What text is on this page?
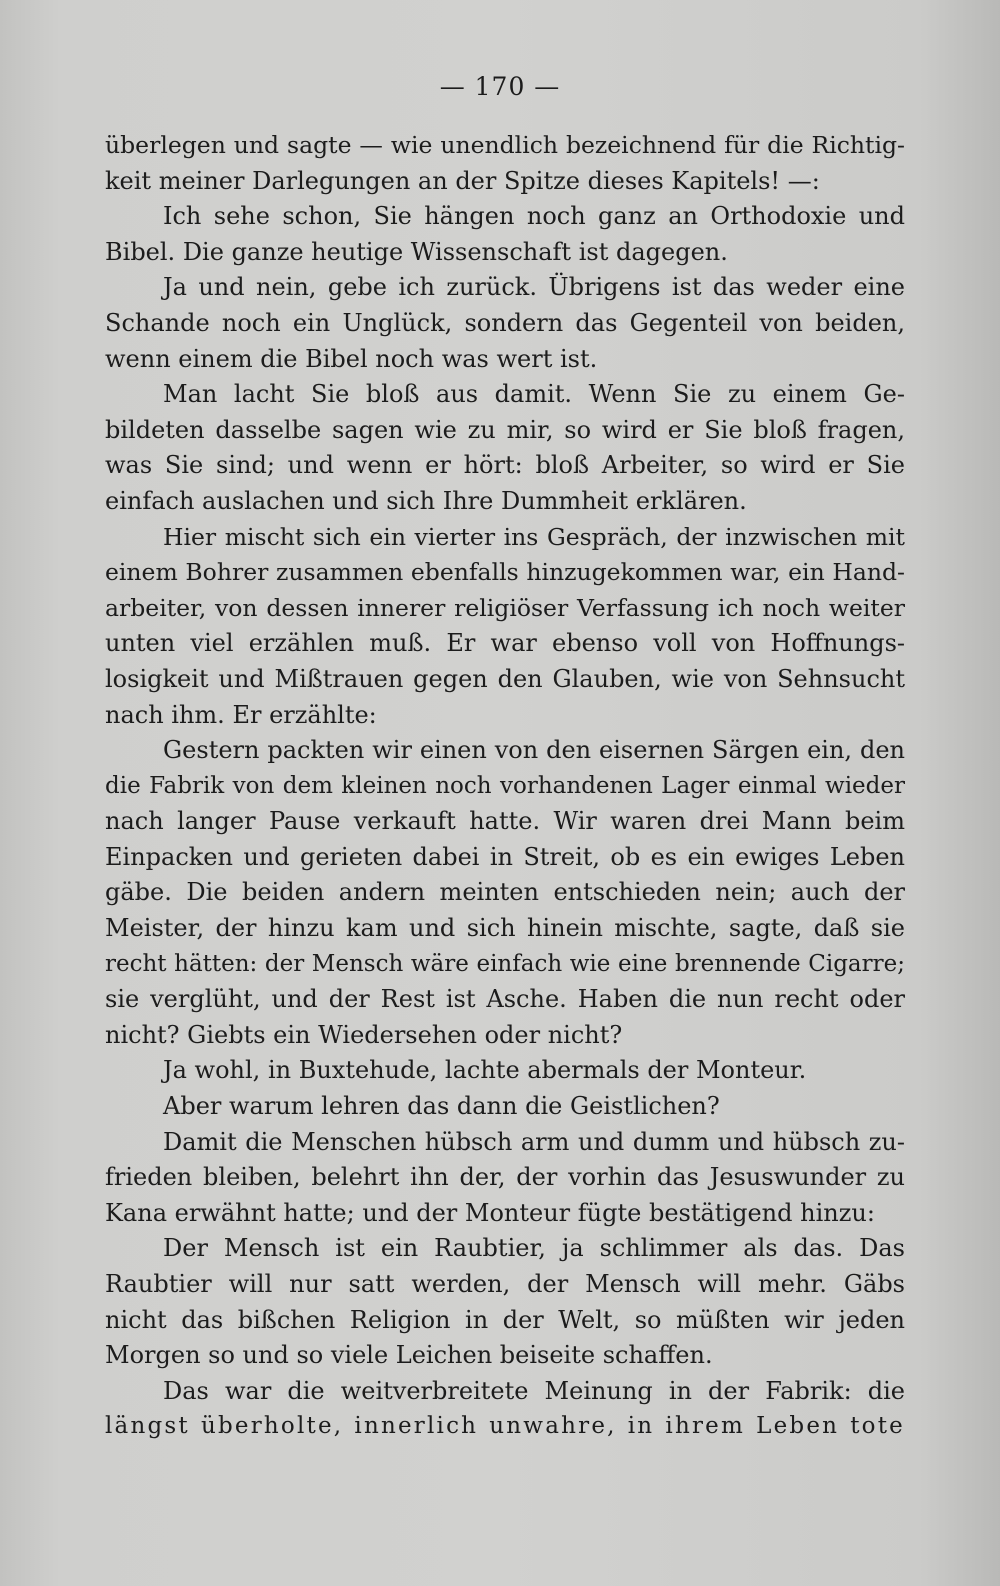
— 170 —
überlegen und sagte — wie unendlich bezeichnend für die Richtig-
keit meiner Darlegungen an der Spitze dieses Kapitels! —:
Ich sehe schon, Sie hängen noch ganz an Orthodoxie und
Bibel. Die ganze heutige Wissenschaft ist dagegen.
Ja und nein, gebe ich zurück. Übrigens ist das weder eine
Schande noch ein Unglück, sondern das Gegenteil von beiden,
wenn einem die Bibel noch was wert ist.
Man lacht Sie bloß aus damit. Wenn Sie zu einem Ge-
bildeten dasselbe sagen wie zu mir, so wird er Sie bloß fragen,
was Sie sind; und wenn er hört: bloß Arbeiter, so wird er Sie
einfach auslachen und sich Ihre Dummheit erklären.
Hier mischt sich ein vierter ins Gespräch, der inzwischen mit
einem Bohrer zusammen ebenfalls hinzugekommen war, ein Hand-
arbeiter, von dessen innerer religiöser Verfassung ich noch weiter
unten viel erzählen muß. Er war ebenso voll von Hoffnungs-
losigkeit und Mißtrauen gegen den Glauben, wie von Sehnsucht
nach ihm. Er erzählte:
Gestern packten wir einen von den eisernen Särgen ein, den
die Fabrik von dem kleinen noch vorhandenen Lager einmal wieder
nach langer Pause verkauft hatte. Wir waren drei Mann beim
Einpacken und gerieten dabei in Streit, ob es ein ewiges Leben
gäbe. Die beiden andern meinten entschieden nein; auch der
Meister, der hinzu kam und sich hinein mischte, sagte, daß sie
recht hätten: der Mensch wäre einfach wie eine brennende Cigarre;
sie verglüht, und der Rest ist Asche. Haben die nun recht oder
nicht? Giebts ein Wiedersehen oder nicht?
Ja wohl, in Buxtehude, lachte abermals der Monteur.
Aber warum lehren das dann die Geistlichen?
Damit die Menschen hübsch arm und dumm und hübsch zu-
frieden bleiben, belehrt ihn der, der vorhin das Jesuswunder zu
Kana erwähnt hatte; und der Monteur fügte bestätigend hinzu:
Der Mensch ist ein Raubtier, ja schlimmer als das. Das
Raubtier will nur satt werden, der Mensch will mehr. Gäbs
nicht das bißchen Religion in der Welt, so müßten wir jeden
Morgen so und so viele Leichen beiseite schaffen.
Das war die weitverbreitete Meinung in der Fabrik: die
längst überholte, innerlich unwahre, in ihrem Leben tote
